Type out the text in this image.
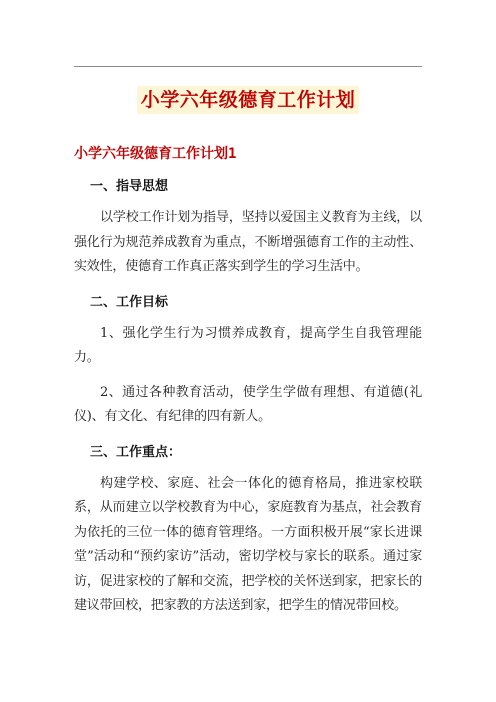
小学六年级德育工作计划
小学六年级德育工作计划1
一、指导思想

以学校工作计划为指导，坚持以爱国主义教育为主线，以强化行为规范养成教育为重点，不断增强德育工作的主动性、实效性，使德育工作真正落实到学生的学习生活中。

二、工作目标

1、强化学生行为习惯养成教育，提高学生自我管理能力。

2、通过各种教育活动，使学生学做有理想、有道德(礼仪)、有文化、有纪律的四有新人。

三、工作重点：

构建学校、家庭、社会一体化的德育格局，推进家校联系，从而建立以学校教育为中心，家庭教育为基点，社会教育为依托的三位一体的德育管理络。一方面积极开展“家长进课堂”活动和“预约家访”活动，密切学校与家长的联系。通过家访，促进家校的了解和交流，把学校的关怀送到家，把家长的建议带回校，把家教的方法送到家，把学生的情况带回校。
